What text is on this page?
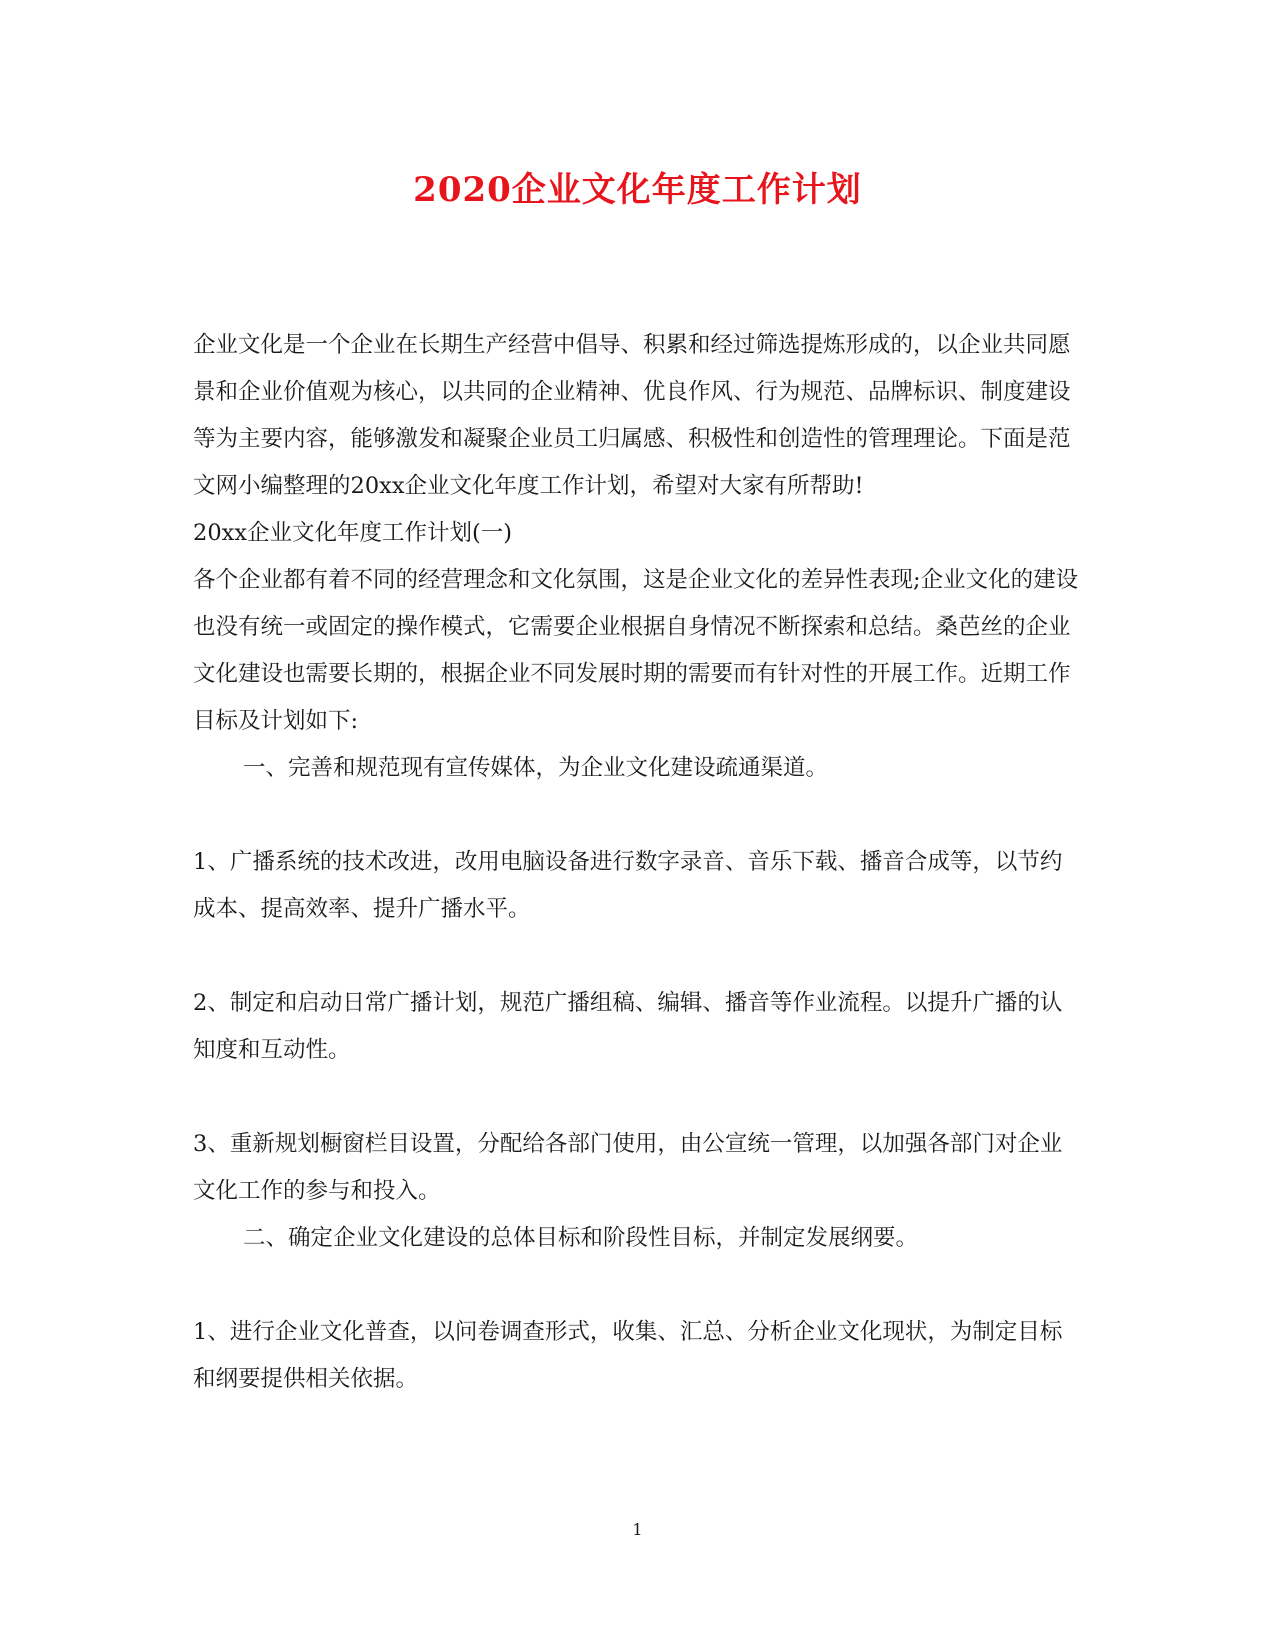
2020企业文化年度工作计划

企业文化是一个企业在长期生产经营中倡导、积累和经过筛选提炼形成的，以企业共同愿景和企业价值观为核心，以共同的企业精神、优良作风、行为规范、品牌标识、制度建设等为主要内容，能够激发和凝聚企业员工归属感、积极性和创造性的管理理论。下面是范文网小编整理的20xx企业文化年度工作计划，希望对大家有所帮助!

20xx企业文化年度工作计划(一)

各个企业都有着不同的经营理念和文化氛围，这是企业文化的差异性表现;企业文化的建设也没有统一或固定的操作模式，它需要企业根据自身情况不断探索和总结。桑芭丝的企业文化建设也需要长期的，根据企业不同发展时期的需要而有针对性的开展工作。近期工作目标及计划如下:

一、完善和规范现有宣传媒体，为企业文化建设疏通渠道。

1、广播系统的技术改进，改用电脑设备进行数字录音、音乐下载、播音合成等，以节约成本、提高效率、提升广播水平。

2、制定和启动日常广播计划，规范广播组稿、编辑、播音等作业流程。以提升广播的认知度和互动性。

3、重新规划橱窗栏目设置，分配给各部门使用，由公宣统一管理，以加强各部门对企业文化工作的参与和投入。

二、确定企业文化建设的总体目标和阶段性目标，并制定发展纲要。

1、进行企业文化普查，以问卷调查形式，收集、汇总、分析企业文化现状，为制定目标和纲要提供相关依据。

1
